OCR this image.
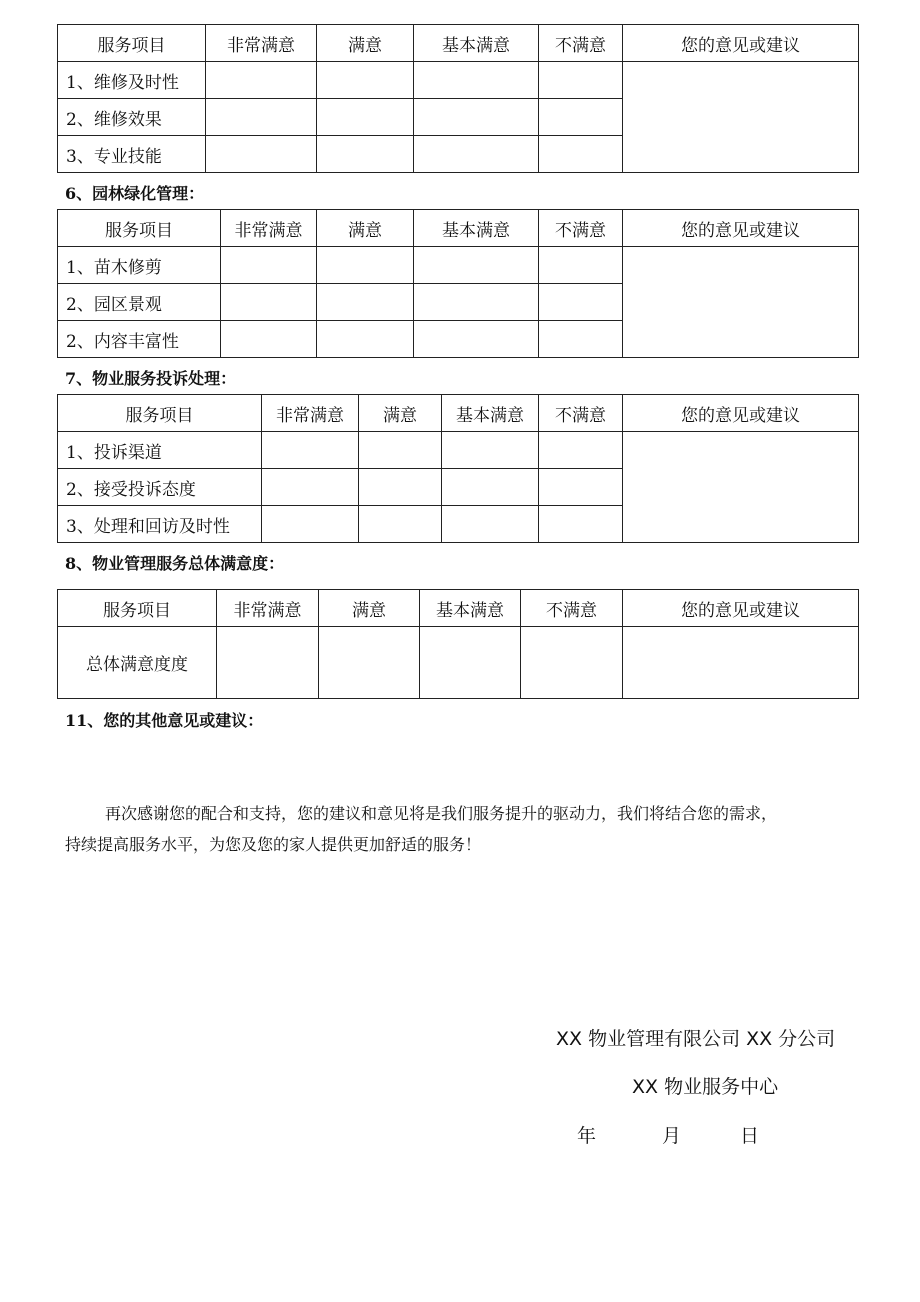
服务项目	非常满意	满意	基本满意	不满意	您的意见或建议
1、维修及时性					
2、维修效果					
3、专业技能					
6、园林绿化管理：
服务项目	非常满意	满意	基本满意	不满意	您的意见或建议
1、苗木修剪					
2、园区景观					
2、内容丰富性					
7、物业服务投诉处理：
服务项目	非常满意	满意	基本满意	不满意	您的意见或建议
1、投诉渠道					
2、接受投诉态度					
3、处理和回访及时性					
8、物业管理服务总体满意度：
服务项目	非常满意	满意	基本满意	不满意	您的意见或建议
总体满意度度					
11、您的其他意见或建议：
再次感谢您的配合和支持，您的建议和意见将是我们服务提升的驱动力，我们将结合您的需求，
持续提高服务水平，为您及您的家人提供更加舒适的服务！
XX 物业管理有限公司 XX 分公司
XX 物业服务中心
年	月	日
